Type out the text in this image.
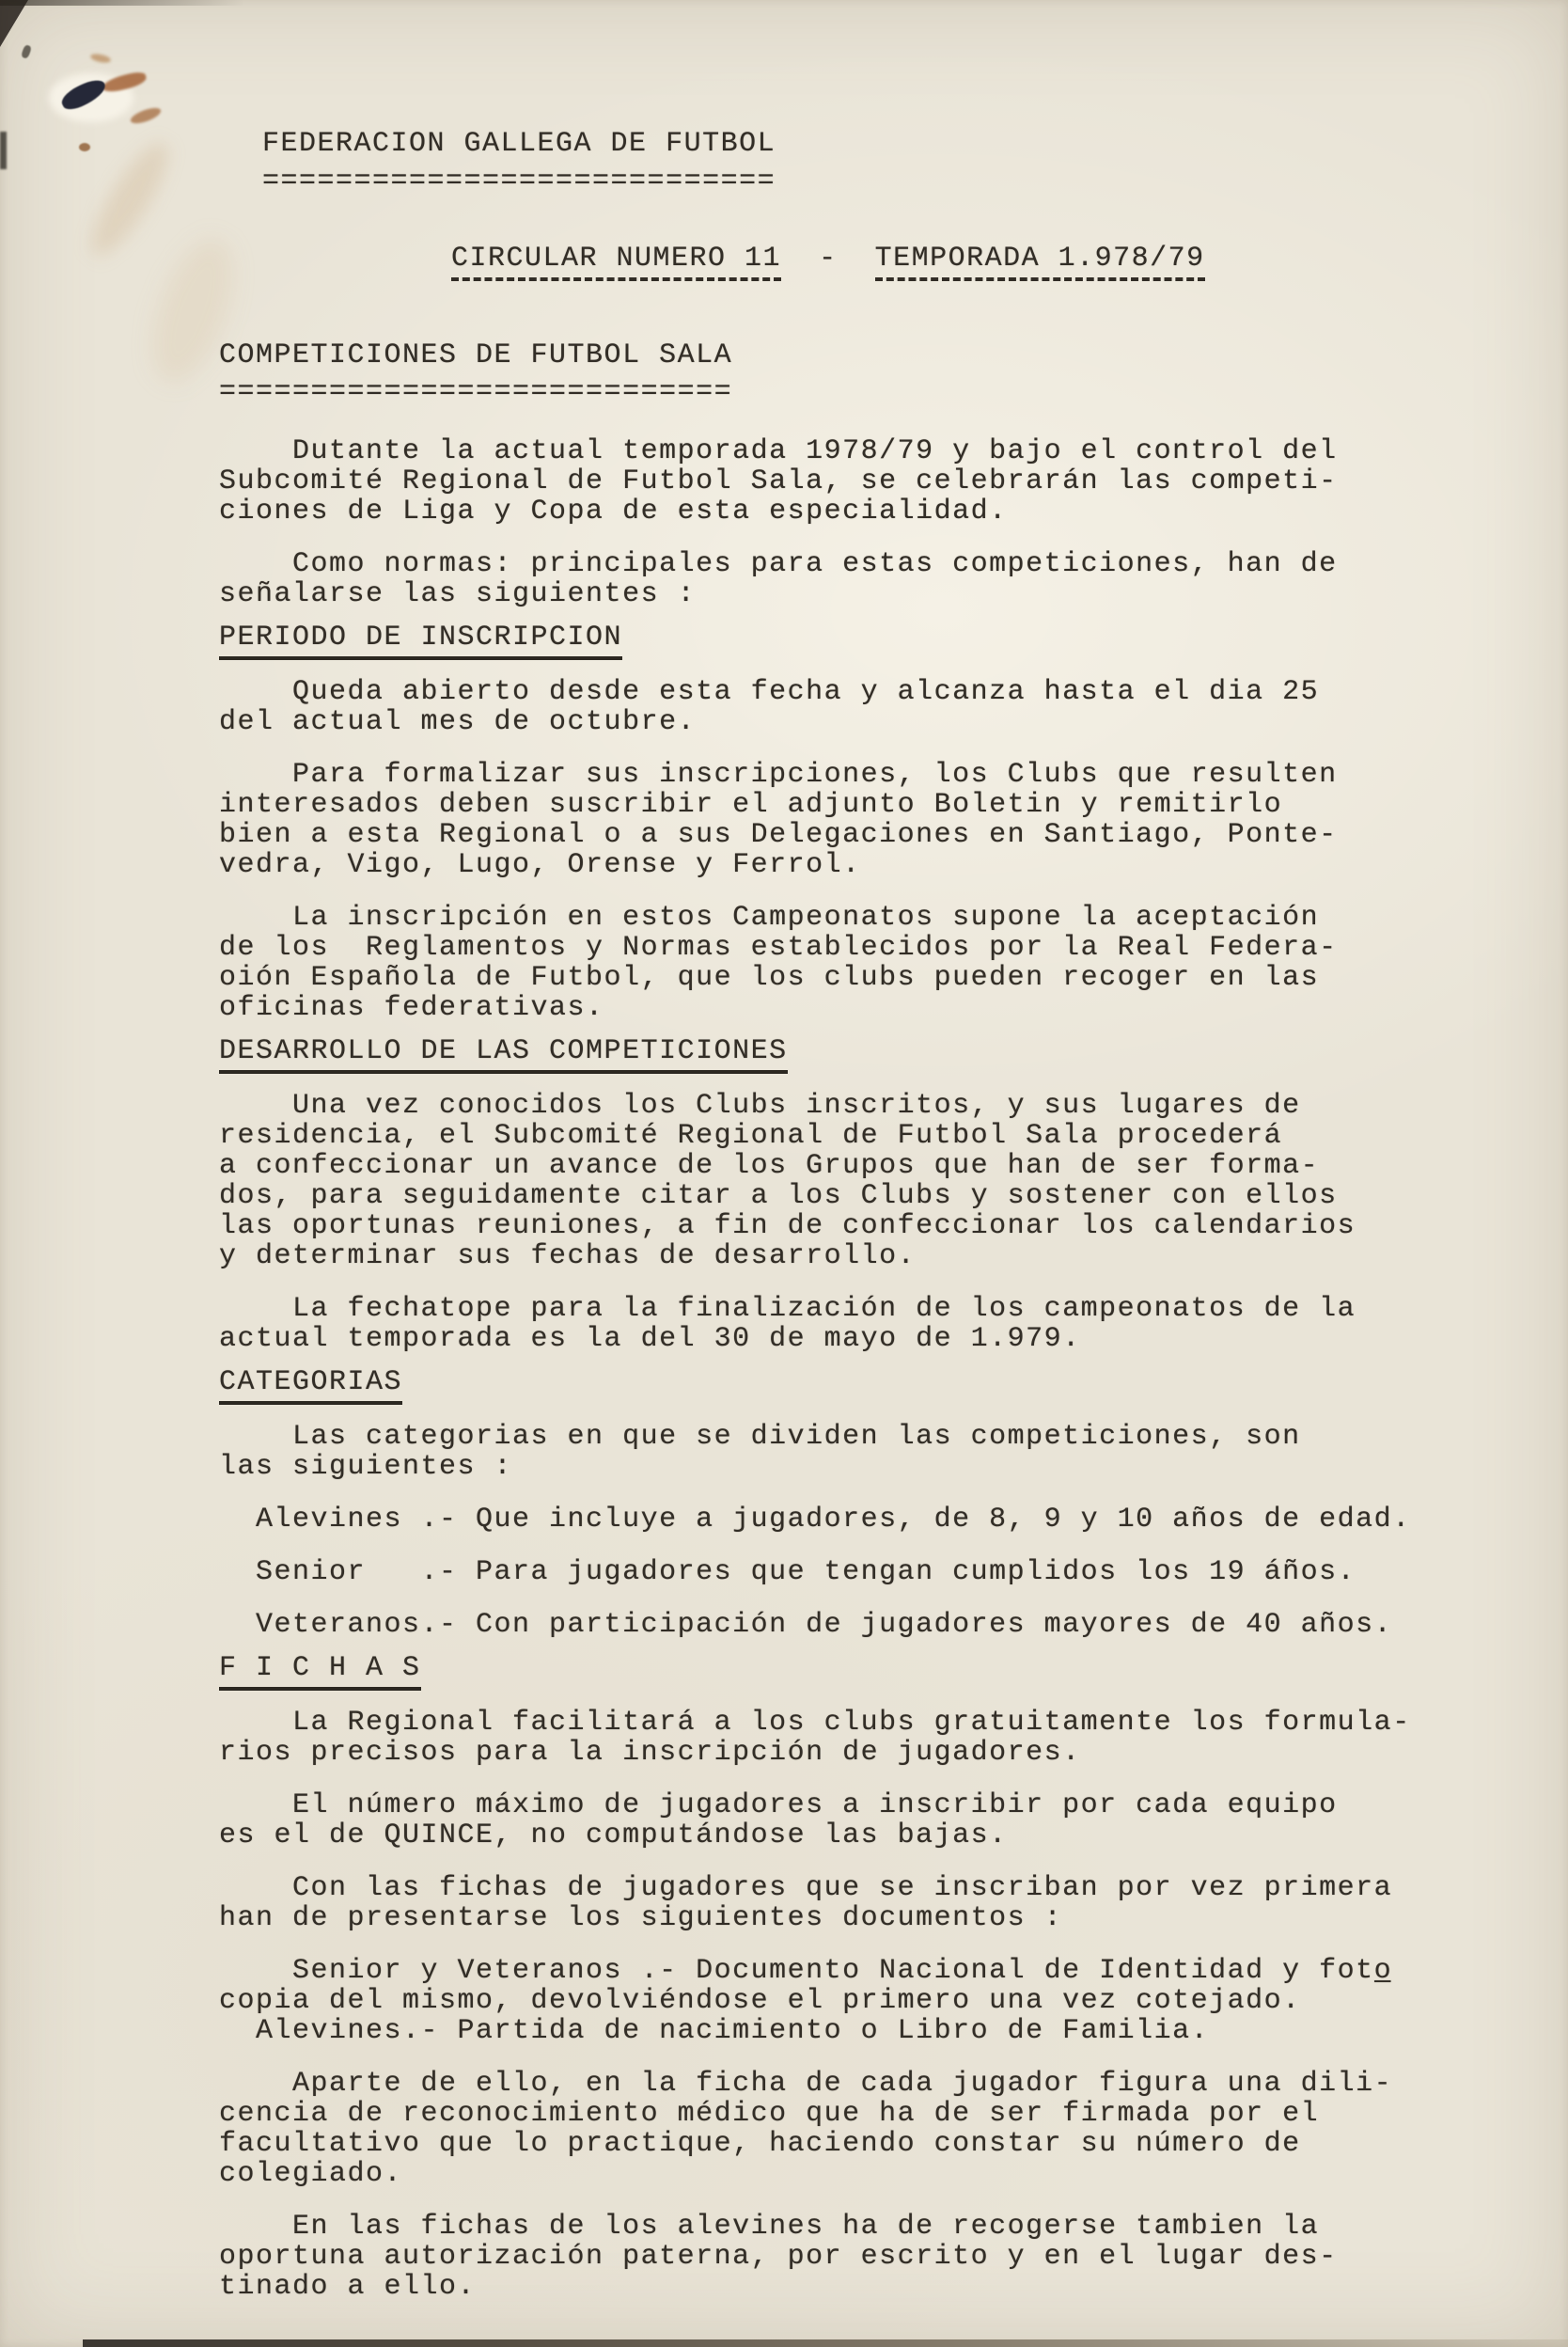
FEDERACION GALLEGA DE FUTBOL
============================
CIRCULAR NUMERO 11 - TEMPORADA 1.978/79
COMPETICIONES DE FUTBOL SALA
============================
Dutante la actual temporada 1978/79 y bajo el control del
Subcomité Regional de Futbol Sala, se celebrarán las competi-
ciones de Liga y Copa de esta especialidad.
Como normas: principales para estas competiciones, han de
señalarse las siguientes :
PERIODO DE INSCRIPCION
Queda abierto desde esta fecha y alcanza hasta el dia 25
del actual mes de octubre.
Para formalizar sus inscripciones, los Clubs que resulten
interesados deben suscribir el adjunto Boletin y remitirlo
bien a esta Regional o a sus Delegaciones en Santiago, Ponte-
vedra, Vigo, Lugo, Orense y Ferrol.
La inscripción en estos Campeonatos supone la aceptación
de los  Reglamentos y Normas establecidos por la Real Federa-
oión Española de Futbol, que los clubs pueden recoger en las
oficinas federativas.
DESARROLLO DE LAS COMPETICIONES
Una vez conocidos los Clubs inscritos, y sus lugares de
residencia, el Subcomité Regional de Futbol Sala procederá
a confeccionar un avance de los Grupos que han de ser forma-
dos, para seguidamente citar a los Clubs y sostener con ellos
las oportunas reuniones, a fin de confeccionar los calendarios
y determinar sus fechas de desarrollo.
La fechatope para la finalización de los campeonatos de la
actual temporada es la del 30 de mayo de 1.979.
CATEGORIAS
Las categorias en que se dividen las competiciones, son
las siguientes :
Alevines .- Que incluye a jugadores, de 8, 9 y 10 años de edad.
Senior   .- Para jugadores que tengan cumplidos los 19 áños.
Veteranos.- Con participación de jugadores mayores de 40 años.
F I C H A S
La Regional facilitará a los clubs gratuitamente los formula-
rios precisos para la inscripción de jugadores.
El número máximo de jugadores a inscribir por cada equipo
es el de QUINCE, no computándose las bajas.
Con las fichas de jugadores que se inscriban por vez primera
han de presentarse los siguientes documentos :
Senior y Veteranos .- Documento Nacional de Identidad y foto̲
copia del mismo, devolviéndose el primero una vez cotejado.
Alevines.- Partida de nacimiento o Libro de Familia.
Aparte de ello, en la ficha de cada jugador figura una dili-
cencia de reconocimiento médico que ha de ser firmada por el
facultativo que lo practique, haciendo constar su número de
colegiado.
En las fichas de los alevines ha de recogerse tambien la
oportuna autorización paterna, por escrito y en el lugar des-
tinado a ello.
